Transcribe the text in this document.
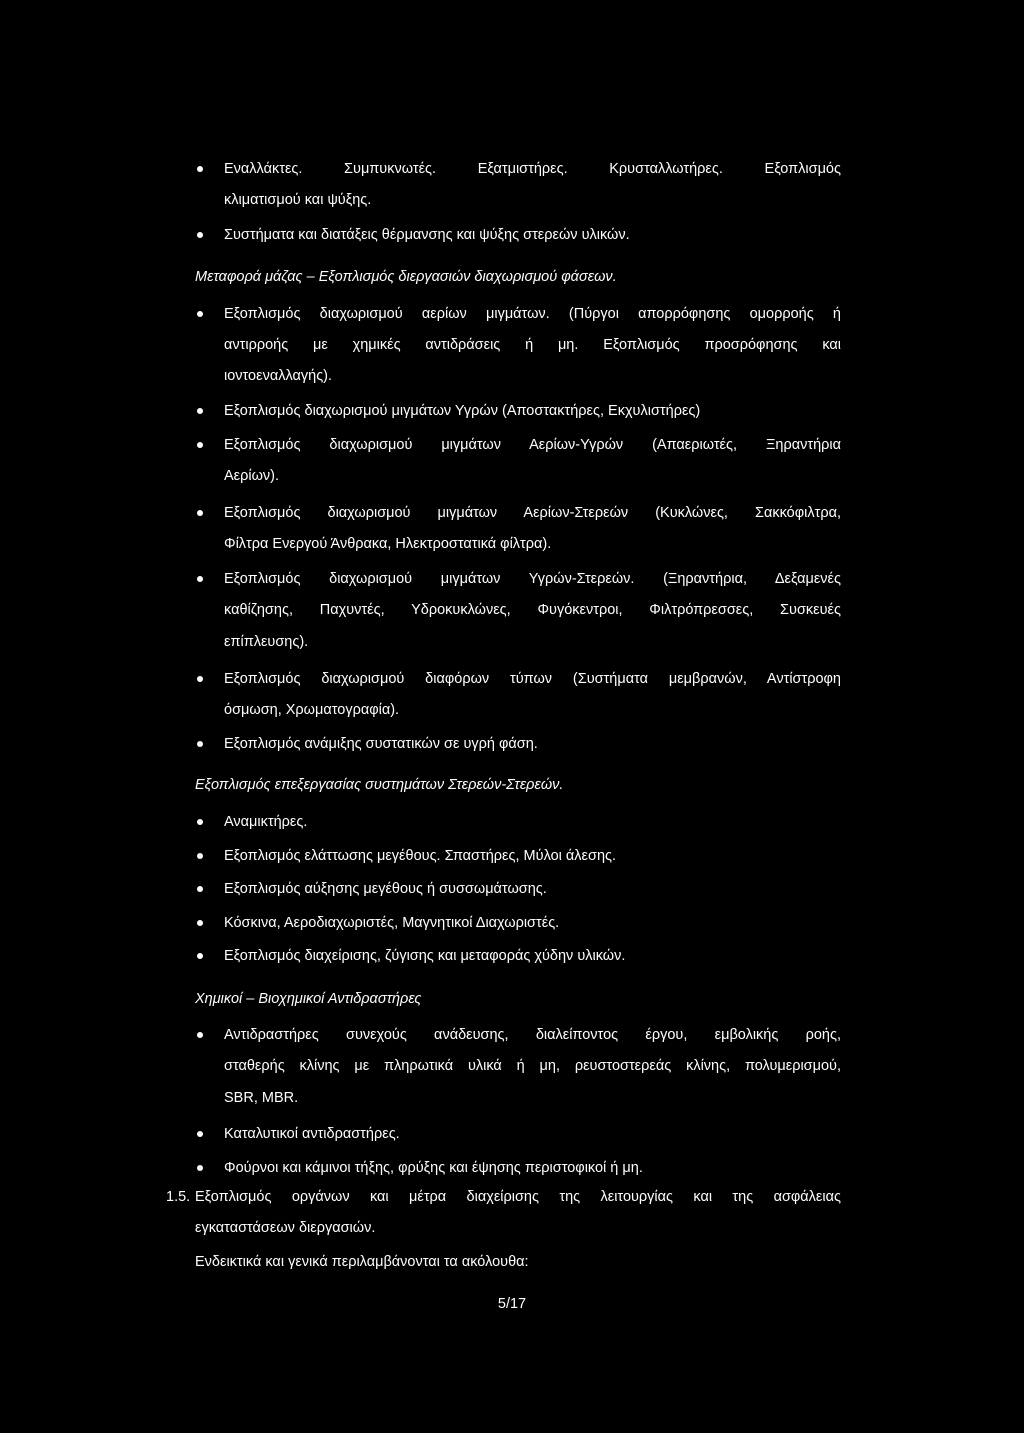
Εναλλάκτες. Συμπυκνωτές. Εξατμιστήρες. Κρυσταλλωτήρες. Εξοπλισμός
κλιματισμού και ψύξης.
Συστήματα και διατάξεις θέρμανσης και ψύξης στερεών υλικών.
Μεταφορά μάζας – Εξοπλισμός διεργασιών διαχωρισμού φάσεων.
Εξοπλισμός διαχωρισμού αερίων μιγμάτων. (Πύργοι απορρόφησης ομορροής ή
αντιρροής με χημικές αντιδράσεις ή μη. Εξοπλισμός προσρόφησης και
ιοντοεναλλαγής).
Εξοπλισμός διαχωρισμού μιγμάτων Υγρών (Αποστακτήρες, Εκχυλιστήρες)
Εξοπλισμός διαχωρισμού μιγμάτων Αερίων-Υγρών (Απαεριωτές, Ξηραντήρια
Αερίων).
Εξοπλισμός διαχωρισμού μιγμάτων Αερίων-Στερεών (Κυκλώνες, Σακκόφιλτρα,
Φίλτρα Ενεργού Άνθρακα, Ηλεκτροστατικά φίλτρα).
Εξοπλισμός διαχωρισμού μιγμάτων Υγρών-Στερεών. (Ξηραντήρια, Δεξαμενές
καθίζησης, Παχυντές, Υδροκυκλώνες, Φυγόκεντροι, Φιλτρόπρεσσες, Συσκευές
επίπλευσης).
Εξοπλισμός διαχωρισμού διαφόρων τύπων (Συστήματα μεμβρανών, Αντίστροφη
όσμωση, Χρωματογραφία).
Εξοπλισμός ανάμιξης συστατικών σε υγρή φάση.
Εξοπλισμός επεξεργασίας συστημάτων Στερεών-Στερεών.
Αναμικτήρες.
Εξοπλισμός ελάττωσης μεγέθους. Σπαστήρες, Μύλοι άλεσης.
Εξοπλισμός αύξησης μεγέθους ή συσσωμάτωσης.
Κόσκινα, Αεροδιαχωριστές, Μαγνητικοί Διαχωριστές.
Εξοπλισμός διαχείρισης, ζύγισης και μεταφοράς χύδην υλικών.
Χημικοί – Βιοχημικοί Αντιδραστήρες
Αντιδραστήρες συνεχούς ανάδευσης, διαλείποντος έργου, εμβολικής ροής,
σταθερής κλίνης με πληρωτικά υλικά ή μη, ρευστοστερεάς κλίνης, πολυμερισμού,
SBR, MBR.
Καταλυτικοί αντιδραστήρες.
Φούρνοι και κάμινοι τήξης, φρύξης και έψησης περιστοφικοί ή μη.
1.5. Εξοπλισμός οργάνων και μέτρα διαχείρισης της λειτουργίας και της ασφάλειας
εγκαταστάσεων διεργασιών.
Ενδεικτικά και γενικά περιλαμβάνονται τα ακόλουθα:
5/17
